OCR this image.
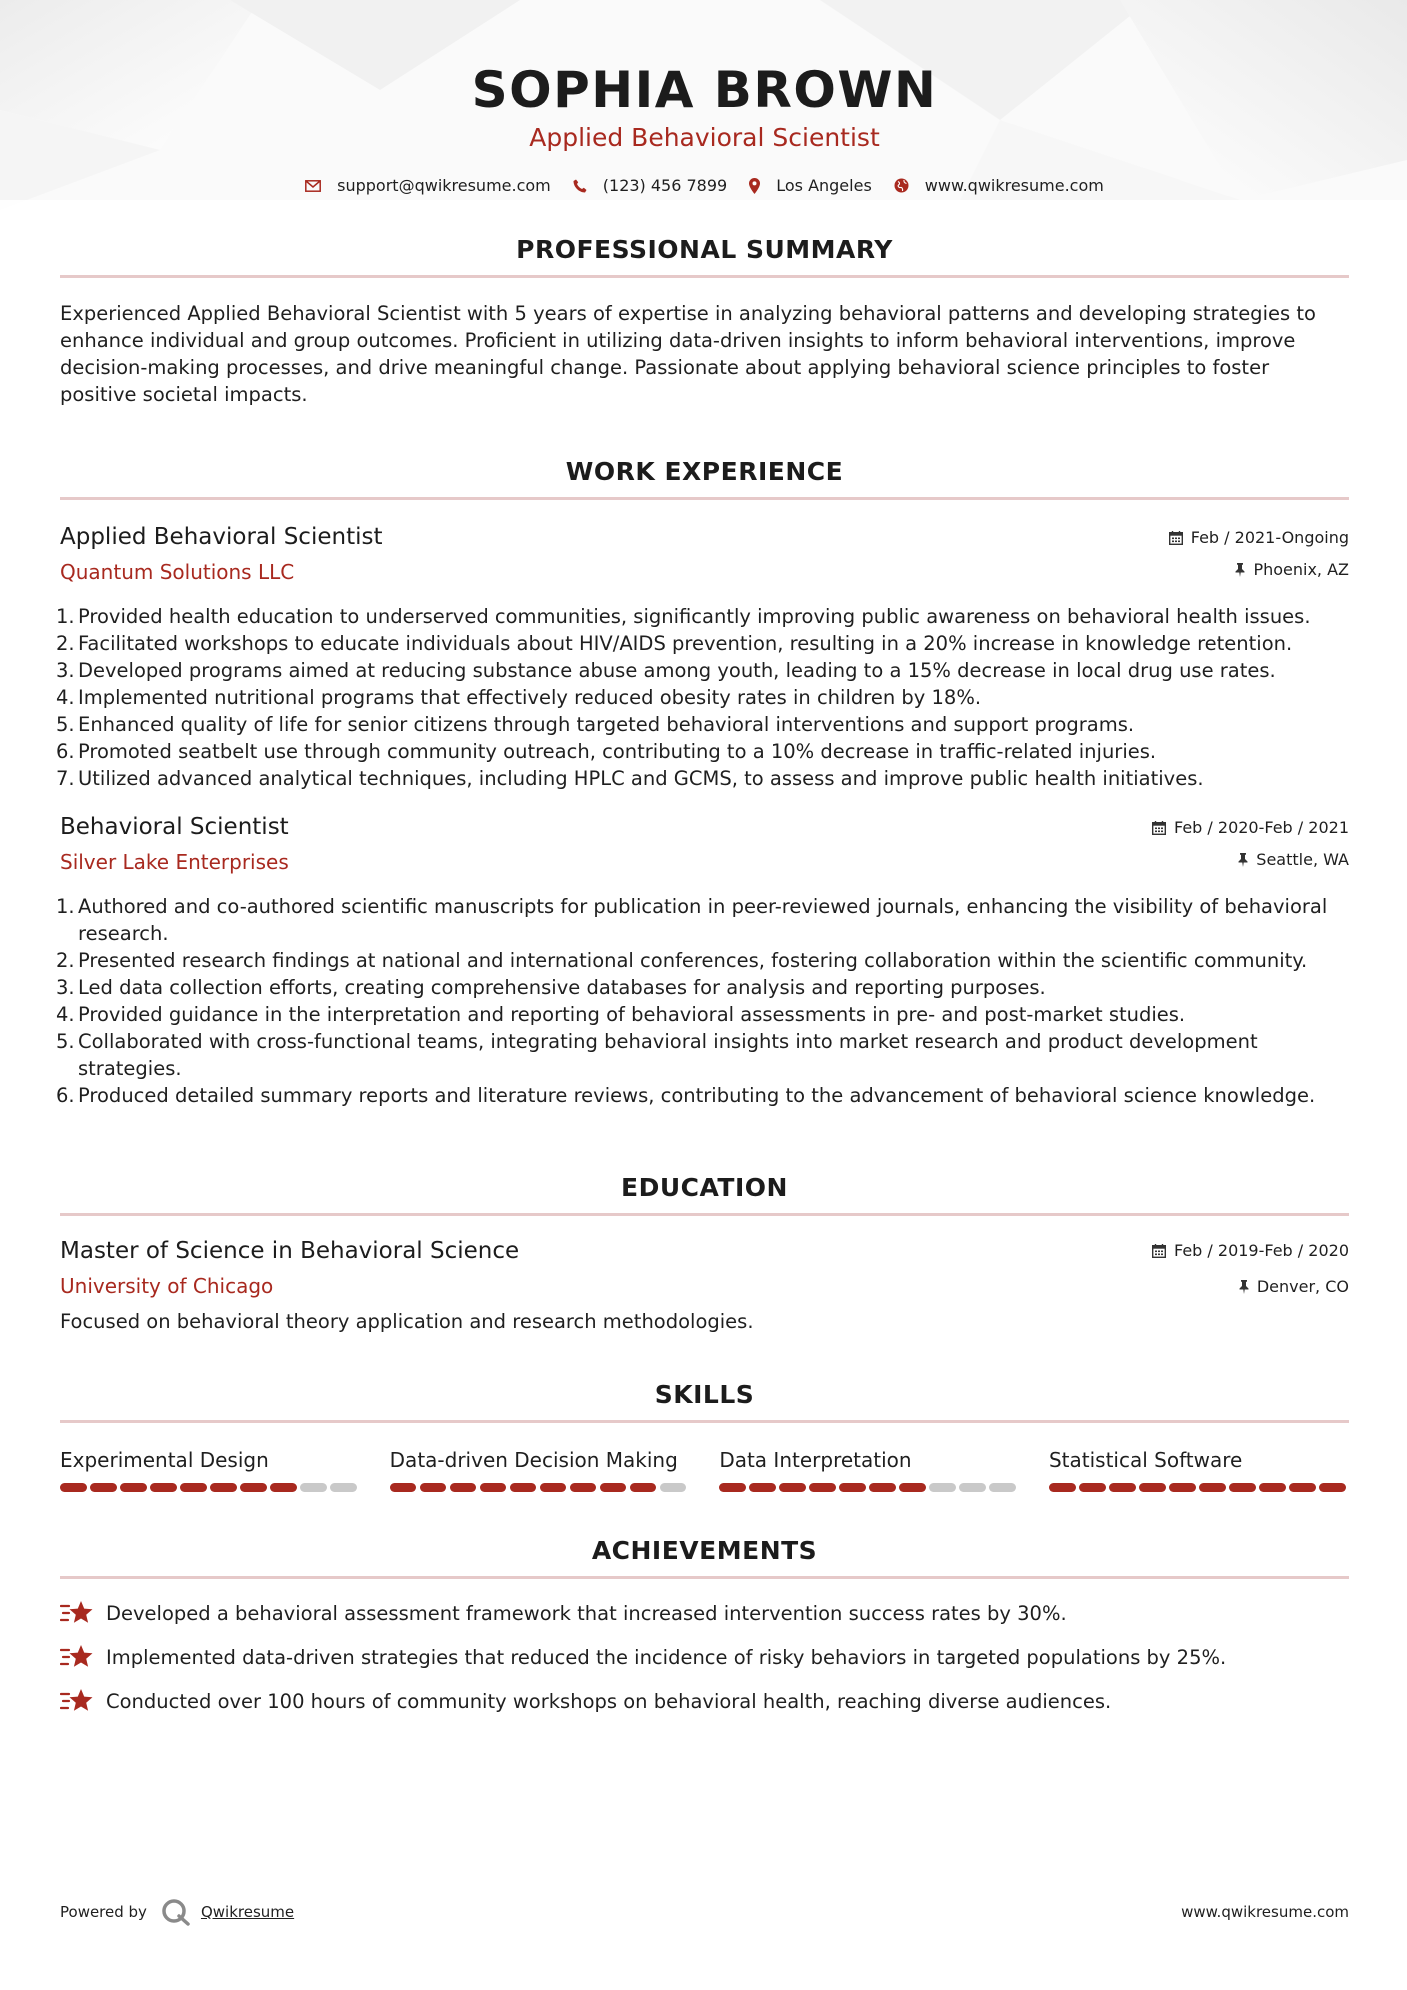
SOPHIA BROWN
Applied Behavioral Scientist
support@qwikresume.com	(123) 456 7899	Los Angeles	www.qwikresume.com
PROFESSIONAL SUMMARY

Experienced Applied Behavioral Scientist with 5 years of expertise in analyzing behavioral patterns and developing strategies to enhance individual and group outcomes. Proficient in utilizing data-driven insights to inform behavioral interventions, improve decision-making processes, and drive meaningful change. Passionate about applying behavioral science principles to foster positive societal impacts.

WORK EXPERIENCE
Applied Behavioral Scientist
Quantum Solutions LLC
Feb / 2021-Ongoing
Phoenix, AZ
1. Provided health education to underserved communities, significantly improving public awareness on behavioral health issues.
2. Facilitated workshops to educate individuals about HIV/AIDS prevention, resulting in a 20% increase in knowledge retention.
3. Developed programs aimed at reducing substance abuse among youth, leading to a 15% decrease in local drug use rates.
4. Implemented nutritional programs that effectively reduced obesity rates in children by 18%.
5. Enhanced quality of life for senior citizens through targeted behavioral interventions and support programs.
6. Promoted seatbelt use through community outreach, contributing to a 10% decrease in traffic-related injuries.
7. Utilized advanced analytical techniques, including HPLC and GCMS, to assess and improve public health initiatives.
Behavioral Scientist
Silver Lake Enterprises
Feb / 2020-Feb / 2021
Seattle, WA
1. Authored and co-authored scientific manuscripts for publication in peer-reviewed journals, enhancing the visibility of behavioral research.
2. Presented research findings at national and international conferences, fostering collaboration within the scientific community.
3. Led data collection efforts, creating comprehensive databases for analysis and reporting purposes.
4. Provided guidance in the interpretation and reporting of behavioral assessments in pre- and post-market studies.
5. Collaborated with cross-functional teams, integrating behavioral insights into market research and product development strategies.
6. Produced detailed summary reports and literature reviews, contributing to the advancement of behavioral science knowledge.
EDUCATION
Master of Science in Behavioral Science
University of Chicago
Feb / 2019-Feb / 2020
Denver, CO

Focused on behavioral theory application and research methodologies.

SKILLS
Experimental Design	Data-driven Decision Making	Data Interpretation	Statistical Software
ACHIEVEMENTS
Developed a behavioral assessment framework that increased intervention success rates by 30%.
Implemented data-driven strategies that reduced the incidence of risky behaviors in targeted populations by 25%.
Conducted over 100 hours of community workshops on behavioral health, reaching diverse audiences.
Powered by	Qwikresume	www.qwikresume.com
